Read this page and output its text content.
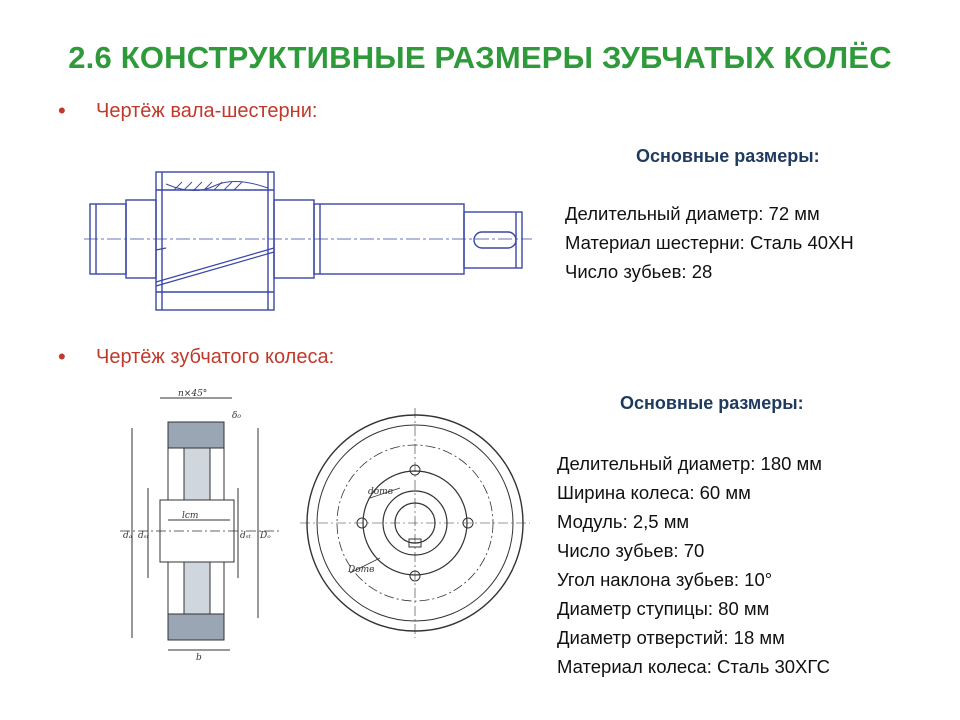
2.6 КОНСТРУКТИВНЫЕ РАЗМЕРЫ ЗУБЧАТЫХ КОЛЁС
• Чертёж вала-шестерни:
Основные размеры:
Делительный диаметр: 72 мм
Материал шестерни: Сталь 40ХН
Число зубьев: 28
• Чертёж зубчатого колеса:
Основные размеры:
Делительный диаметр: 180 мм
Ширина колеса: 60 мм
Модуль: 2,5 мм
Число зубьев: 70
Угол наклона зубьев: 10°
Диаметр ступицы: 80 мм
Диаметр отверстий: 18 мм
Материал колеса: Сталь 30ХГС
n×45°
dₐ dₛₜ
lст
dₛₜ Dₒ
b
δ₀
dотв
Dотв
